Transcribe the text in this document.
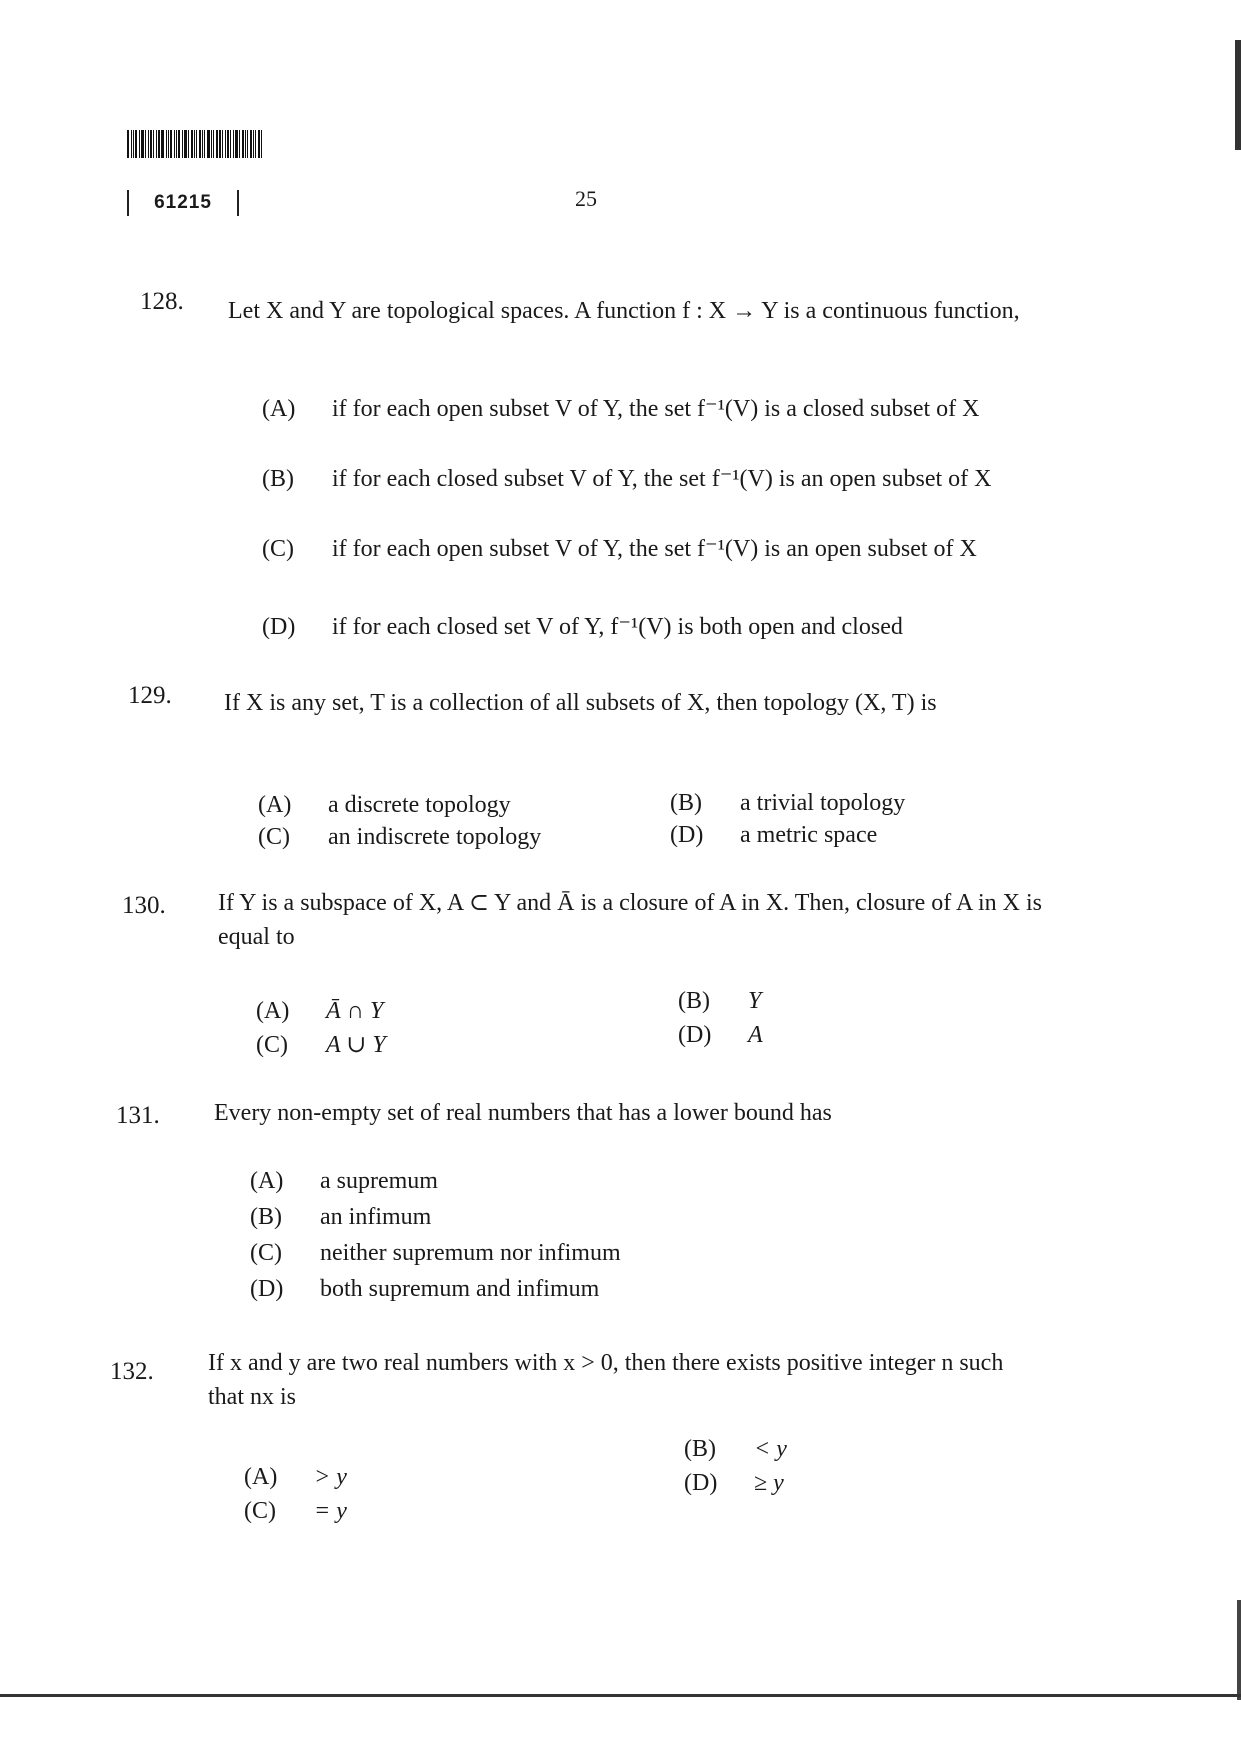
61215	25
128. Let X and Y are topological spaces. A function f : X → Y is a continuous function,
(A)	if for each open subset V of Y, the set f⁻¹(V) is a closed subset of X
(B)	if for each closed subset V of Y, the set f⁻¹(V) is an open subset of X
(C)	if for each open subset V of Y, the set f⁻¹(V) is an open subset of X
(D)	if for each closed set V of Y, f⁻¹(V) is both open and closed
129. If X is any set, T is a collection of all subsets of X, then topology (X, T) is
(A)	a discrete topology	(B)	a trivial topology
(C)	an indiscrete topology	(D)	a metric space
130. If Y is a subspace of X, A ⊂ Y and Ā is a closure of A in X. Then, closure of A in X is equal to
(A)	Ā ∩ Y	(B)	Y
(C)	A ∪ Y	(D)	A
131. Every non-empty set of real numbers that has a lower bound has
(A)	a supremum
(B)	an infimum
(C)	neither supremum nor infimum
(D)	both supremum and infimum
132. If x and y are two real numbers with x > 0, then there exists positive integer n such that nx is
(A)	> y
(B)	< y
(C)	= y
(D)	≥ y
